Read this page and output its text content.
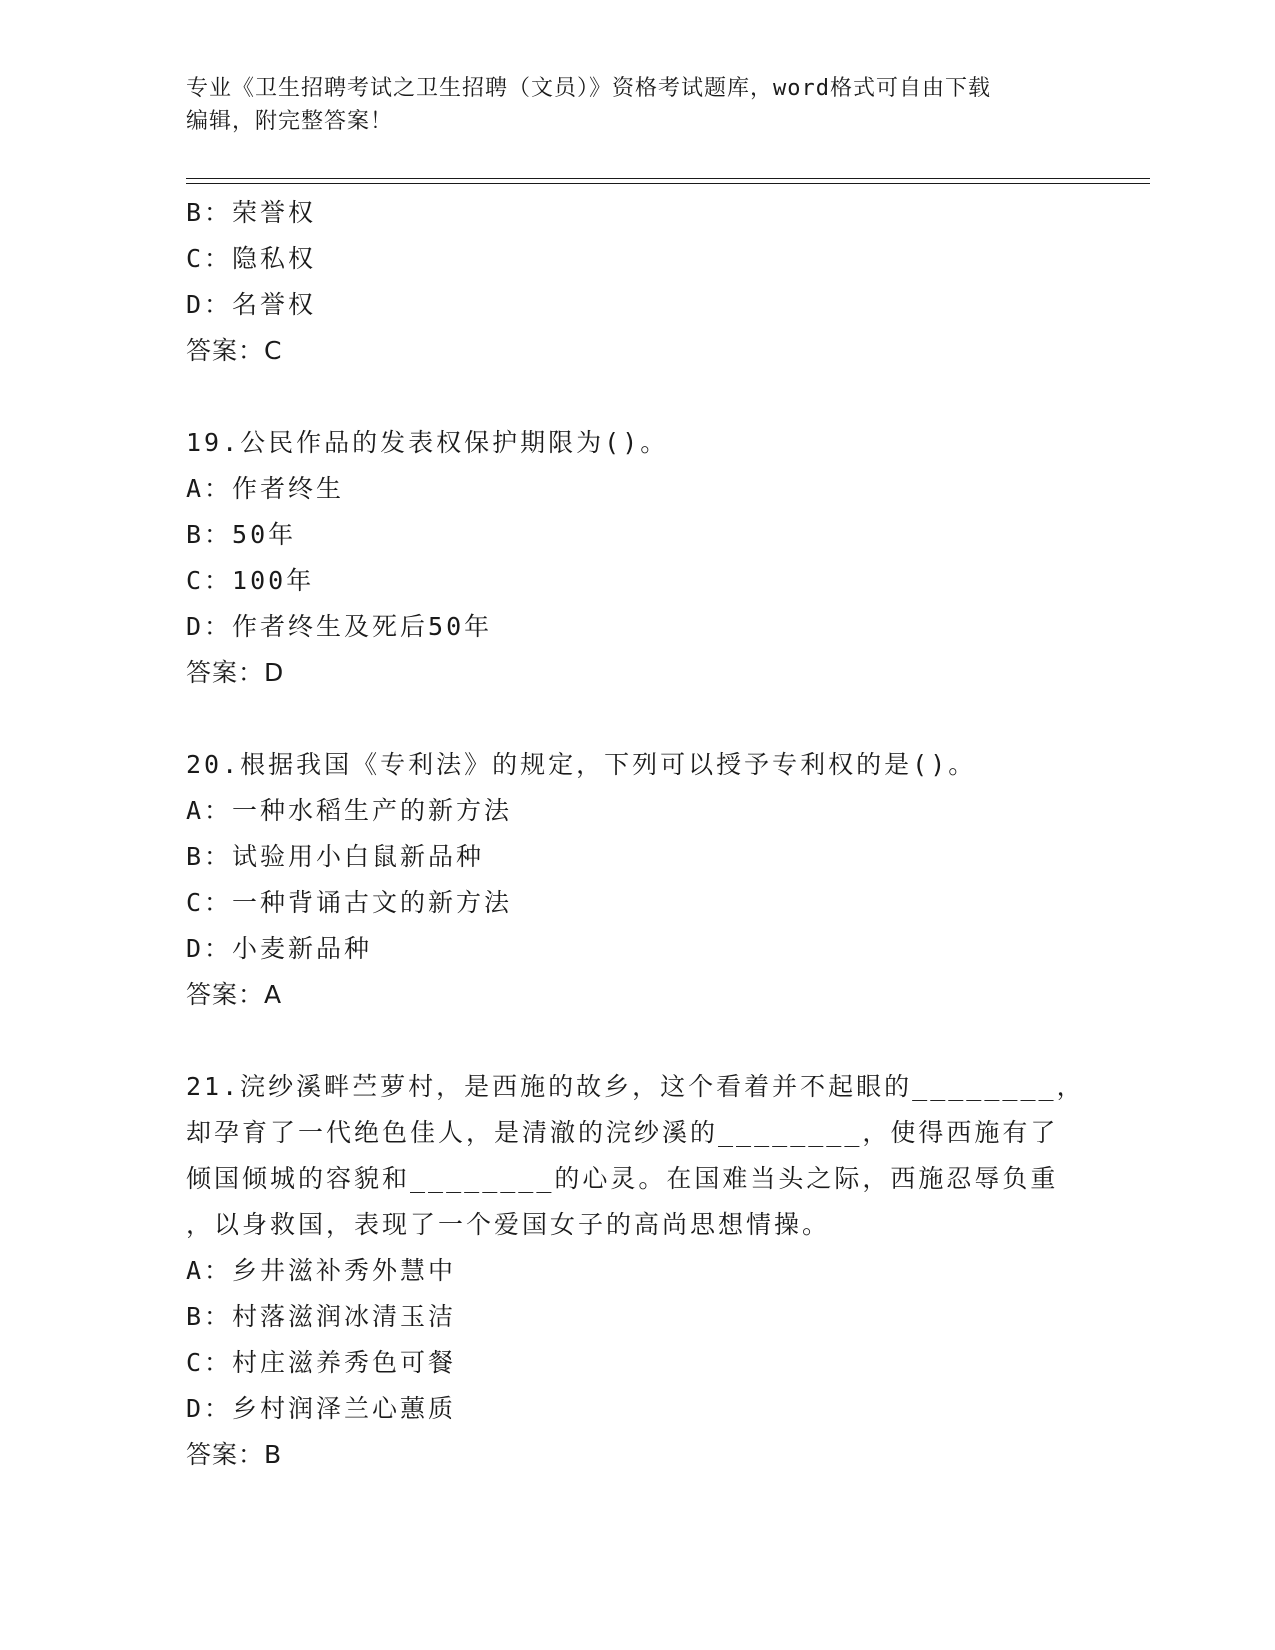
专业《卫生招聘考试之卫生招聘（文员）》资格考试题库，word格式可自由下载
编辑，附完整答案！
B：荣誉权
C：隐私权
D：名誉权
答案：C
19.公民作品的发表权保护期限为()。
A：作者终生
B：50年
C：100年
D：作者终生及死后50年
答案：D
20.根据我国《专利法》的规定，下列可以授予专利权的是()。
A：一种水稻生产的新方法
B：试验用小白鼠新品种
C：一种背诵古文的新方法
D：小麦新品种
答案：A
21.浣纱溪畔苎萝村，是西施的故乡，这个看着并不起眼的________，
却孕育了一代绝色佳人，是清澈的浣纱溪的________，使得西施有了
倾国倾城的容貌和________的心灵。在国难当头之际，西施忍辱负重
，以身救国，表现了一个爱国女子的高尚思想情操。
A：乡井滋补秀外慧中
B：村落滋润冰清玉洁
C：村庄滋养秀色可餐
D：乡村润泽兰心蕙质
答案：B
